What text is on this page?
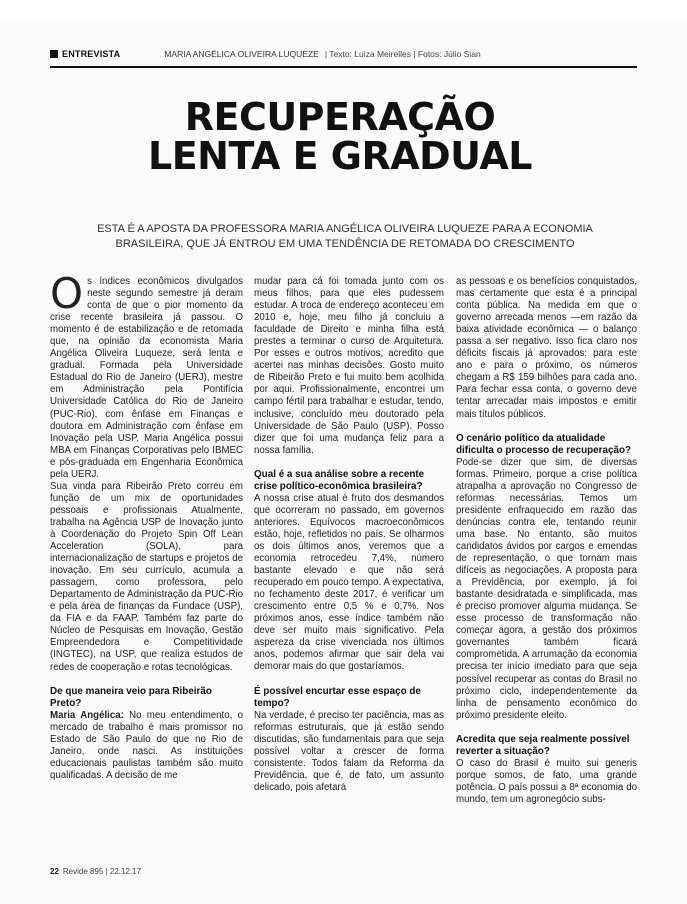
ENTREVISTA	MARIA ANGÉLICA OLIVEIRA LUQUEZE | Texto: Luiza Meirelles | Fotos: Júlio Sian
RECUPERAÇÃO
LENTA E GRADUAL

ESTA É A APOSTA DA PROFESSORA MARIA ANGÉLICA OLIVEIRA LUQUEZE PARA A ECONOMIA
BRASILEIRA, QUE JÁ ENTROU EM UMA TENDÊNCIA DE RETOMADA DO CRESCIMENTO

Os índices econômicos divulgados neste segundo semestre já deram conta de que o pior momento da crise recente brasileira já passou. O momento é de estabilização e de retomada que, na opinião da economista Maria Angélica Oliveira Luqueze, será lenta e gradual. Formada pela Universidade Estadual do Rio de Janeiro (UERJ), mestre em Administração pela Pontifícia Universidade Católica do Rio de Janeiro (PUC-Rio), com ênfase em Finanças e doutora em Administração com ênfase em Inovação pela USP, Maria Angélica possui MBA em Finanças Corporativas pelo IBMEC e pós-graduada em Engenharia Econômica pela UERJ.

Sua vinda para Ribeirão Preto correu em função de um mix de oportunidades pessoais e profissionais Atualmente, trabalha na Agência USP de Inovação junto à Coordenação do Projeto Spin Off Lean Acceleration (SOLA), para internacionalização de startups e projetos de inovação. Em seu currículo, acumula a passagem, como professora, pelo Departamento de Administração da PUC-Rio e pela área de finanças da Fundace (USP), da FIA e da FAAP. Também faz parte do Núcleo de Pesquisas em Inovação, Gestão Empreendedora e Competitividade (INGTEC), na USP, que realiza estudos de redes de cooperação e rotas tecnológicas.

De que maneira veio para Ribeirão Preto?

Maria Angélica: No meu entendimento, o mercado de trabalho é mais promissor no Estado de São Paulo do que no Rio de Janeiro, onde nasci. As instituições educacionais paulistas também são muito qualificadas. A decisão de me

mudar para cá foi tomada junto com os meus filhos, para que eles pudessem estudar. A troca de endereço aconteceu em 2010 e, hoje, meu filho já concluiu a faculdade de Direito e minha filha está prestes a terminar o curso de Arquitetura. Por esses e outros motivos, acredito que acertei nas minhas decisões. Gosto muito de Ribeirão Preto e fui muito bem acolhida por aqui. Profissionalmente, encontrei um campo fértil para trabalhar e estudar, tendo, inclusive, concluído meu doutorado pela Universidade de São Paulo (USP). Posso dizer que foi uma mudança feliz para a nossa família.

Qual é a sua análise sobre a recente crise político-econômica brasileira?

A nossa crise atual é fruto dos desmandos que ocorreram no passado, em governos anteriores. Equívocos macroeconômicos estão, hoje, refletidos no país. Se olharmos os dois últimos anos, veremos que a economia retrocedeu 7,4%, número bastante elevado e que não será recuperado em pouco tempo. A expectativa, no fechamento deste 2017, é verificar um crescimento entre 0,5 % e 0,7%. Nos próximos anos, esse índice também não deve ser muito mais significativo. Pela aspereza da crise vivenciada nos últimos anos, podemos afirmar que sair dela vai demorar mais do que gostaríamos.

É possível encurtar esse espaço de tempo?

Na verdade, é preciso ter paciência, mas as reformas estruturais, que já estão sendo discutidas, são fundamentais para que seja possível voltar a crescer de forma consistente. Todos falam da Reforma da Previdência, que é, de fato, um assunto delicado, pois afetará

as pessoas e os benefícios conquistados, mas certamente que esta é a principal conta pública. Na medida em que o governo arrecada menos —em razão da baixa atividade econômica — o balanço passa a ser negativo. Isso fica claro nos déficits fiscais já aprovados: para este ano e para o próximo, os números chegam a R$ 159 bilhões para cada ano. Para fechar essa conta, o governo deve tentar arrecadar mais impostos e emitir mais títulos públicos.

O cenário político da atualidade dificulta o processo de recuperação?

Pode-se dizer que sim, de diversas formas. Primeiro, porque a crise política atrapalha a aprovação no Congresso de reformas necessárias. Temos um presidente enfraquecido em razão das denúncias contra ele, tentando reunir uma base. No entanto, são muitos candidatos ávidos por cargos e emendas de representação, o que tornam mais difíceis as negociações. A proposta para a Previdência, por exemplo, já foi bastante desidratada e simplificada, mas é preciso promover alguma mudança. Se esse processo de transformação não começar agora, a gestão dos próximos governantes também ficará comprometida. A arrumação da economia precisa ter início imediato para que seja possível recuperar as contas do Brasil no próximo ciclo, independentemente da linha de pensamento econômico do próximo presidente eleito.

Acredita que seja realmente possível reverter a situação?

O caso do Brasil é muito sui generis porque somos, de fato, uma grande potência. O país possui a 8ª economia do mundo, tem um agronegócio subs-

22 Revide 895 | 22.12.17
